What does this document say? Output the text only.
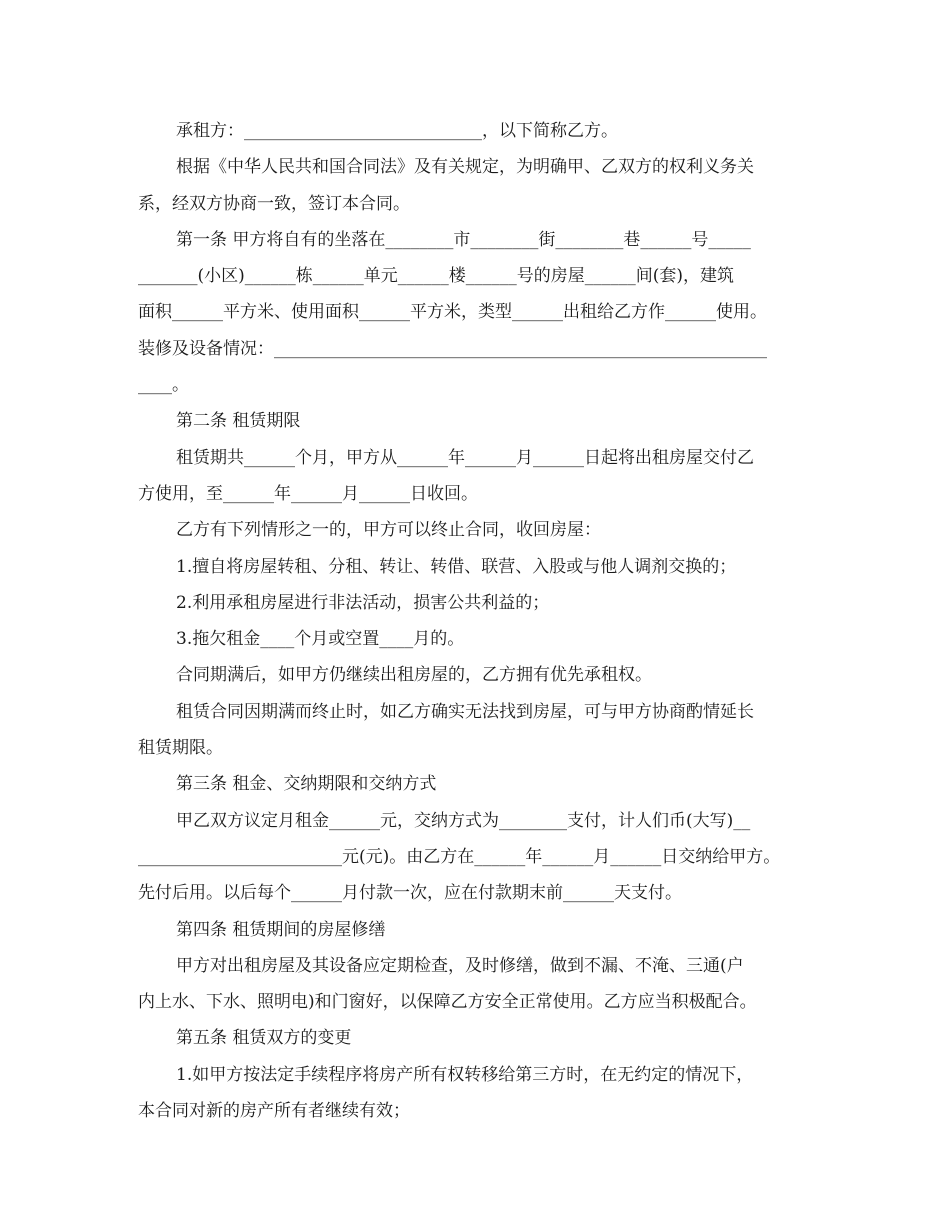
承租方：____________________________，以下简称乙方。
根据《中华人民共和国合同法》及有关规定，为明确甲、乙双方的权利义务关
系，经双方协商一致，签订本合同。
第一条 甲方将自有的坐落在________市________街________巷______号_____
_______(小区)______栋______单元______楼______号的房屋______间(套)，建筑
面积______平方米、使用面积______平方米，类型______出租给乙方作______使用。
装修及设备情况：__________________________________________________________
____。
第二条 租赁期限
租赁期共______个月，甲方从______年______月______日起将出租房屋交付乙
方使用，至______年______月______日收回。
乙方有下列情形之一的，甲方可以终止合同，收回房屋：
1.擅自将房屋转租、分租、转让、转借、联营、入股或与他人调剂交换的；
2.利用承租房屋进行非法活动，损害公共利益的；
3.拖欠租金____个月或空置____月的。
合同期满后，如甲方仍继续出租房屋的，乙方拥有优先承租权。
租赁合同因期满而终止时，如乙方确实无法找到房屋，可与甲方协商酌情延长
租赁期限。
第三条 租金、交纳期限和交纳方式
甲乙双方议定月租金______元，交纳方式为________支付，计人们币(大写)__
________________________元(元)。由乙方在______年______月______日交纳给甲方。
先付后用。以后每个______月付款一次，应在付款期末前______天支付。
第四条 租赁期间的房屋修缮
甲方对出租房屋及其设备应定期检查，及时修缮，做到不漏、不淹、三通(户
内上水、下水、照明电)和门窗好，以保障乙方安全正常使用。乙方应当积极配合。
第五条 租赁双方的变更
1.如甲方按法定手续程序将房产所有权转移给第三方时，在无约定的情况下，
本合同对新的房产所有者继续有效；
